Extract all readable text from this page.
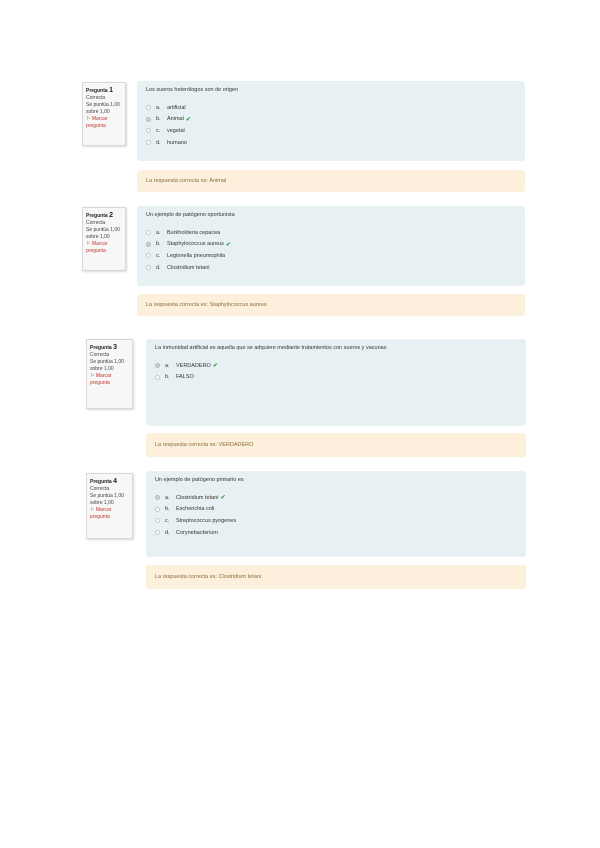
Pregunta 1
Correcta
Se puntúa 1,00
sobre 1,00
⚐ Marcar pregunta
Los sueros heterólogos son de origen
a.	artificial
b.	Animal ✔
c.	vegetal
d.	humano
La respuesta correcta es: Animal
Pregunta 2
Correcta
Se puntúa 1,00
sobre 1,00
⚐ Marcar pregunta
Un ejemplo de patógeno oportunista
a.	Burkholderia cepacea
b.	Staphylococcus aureus ✔
c.	Legionella pneumophila
d.	Clostridium tetani
La respuesta correcta es: Staphylococcus aureus
Pregunta 3
Correcta
Se puntúa 1,00
sobre 1,00
⚐ Marcar pregunta
La inmunidad artificial es aquella que se adquiere mediante tratamientos con sueros y vacunas
a.	VERDADERO ✔
b.	FALSO
La respuesta correcta es: VERDADERO
Pregunta 4
Correcta
Se puntúa 1,00
sobre 1,00
⚐ Marcar pregunta
Un ejemplo de patógeno primario es
a.	Clostridium tetani ✔
b.	Escherichia coli
c.	Streptococcus pyogenes
d.	Corynebacterium
La respuesta correcta es: Clostridium tetani
